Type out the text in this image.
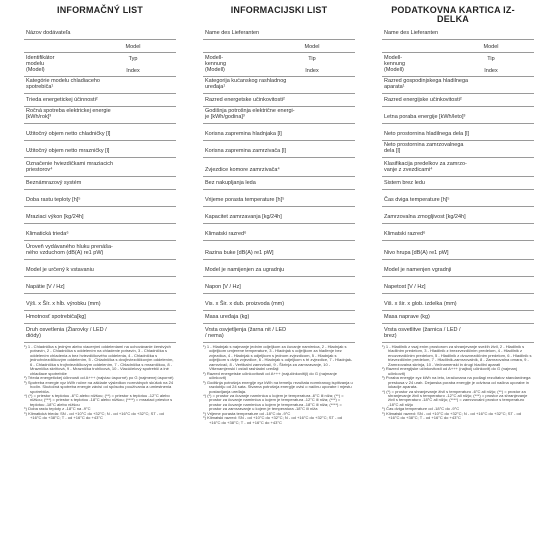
INFORMAČNÝ LIST
Názov dodávateľa
Model
Identifikátor
modelu
(Model)
Typ
Index
Kategórie modelu chladiaceho
spotrebiča¹
Trieda energetickej účinnosti²
Ročná spotreba elektrickej energie
[kWh/rok]³
Užitočný objem netto chladničky [l]
Užitočný objem netto mrazničky [l]
Označenie hviezdičkami mraziacich
priestorov⁴
Beznámrazový systém
Doba rastu teploty [h]⁵
Mraziaci výkon [kg/24h]
Klimatická trieda⁶
Úroveň vydávaného hluku prenáša-
ného vzduchom (dB(A) re1 pW)
Model je určený k vstavaniu
Napätie [V / Hz]
Výš. x Šír. x hĺb. výrobku (mm)
Hmotnosť spotrebiča[kg]
Druh osvetlenia (Žiarovky / LED /
diódy)

¹) 1 - Chladnička s jedným alebo viacerými oddeleniami na uchovávanie čerstvých potravín, 2 - Chladnička s oddelením na chladenie potravín, 3 - Chladnička s oddelením chladenia a bez hviezdičkového oddelenia, 4 - Chladnička s jednohviezdičkovým oddelením, 5 - Chladnička s dvojhviezdičkovým oddelením, 6 - Chladnička s trojhviezdičkovým oddelením, 7 - Chladnička s mrazničkou, 8 - Mraznička skriňová, 9 - Mraznička truhlicová, 10 - Viacúčelový spotrebič a iné chladiace spotrebiče

²) Trieda energetickej účinnosti od A+++ (najviac úsporné) po G (najmenej úsporné)

³) Spotreba energie xyz kWh ročne na základe výsledkov normálnych skúšok na 24 hodín. Skutočná spotreba energie závisí od spôsobu používania a umiestnenia spotrebiča.

⁴) (*) = priestor s teplotou -6°C alebo nižšou; (**) = priestor s teplotou -12°C alebo nižšou; (***) = priestor s teplotou -18°C alebo nižšou; (****) = mraziaci priestor s teplotou -18°C alebo nižšou

⁵) Doba rastu teploty z -18°C na -9°C

⁶) Klimatická trieda: SN - od +10°C do +32°C; N - od +16°C do +32°C; ST - od +16°C do +38°C; T - od +16°C do +43°C

INFORMACIJSKI LIST
Name des Lieferanten
Model
Modell-
kennung
(Modell)
Tip
Index
Kategorija kućanskog rashladnog
uređaja¹
Razred energetske učinkovitosti²
Godišnja potrošnja električne energi-
je [kWh/godina]³
Korisna zapremina hladnjaka [l]
Korisna zapremina zamrzivača [l]
Zvjezdice komore zamrzivača⁴
Bez nakupljanja leda
Vrijeme porasta temperature [h]⁵
Kapacitet zamrzavanja [kg/24h]
Klimatski razred⁶
Razina buke [dB(A) re1 pW]
Model je namijenjen za ugradnju
Napon [V / Hz]
Vis. x Šir. x dub. proizvoda (mm)
Masa uređaja (kg)
Vrsta osvjetljenja (žarna nit / LED
/ nema)

¹) 1 - Hladnjak s najmanje jednim odjeljkom za čuvanje namirnica, 2 - Hladnjak s odjeljkom umjerene temperature, 3 - Hladnjak s odjeljkom za hlađenje bez zvjezdica, 4 - Hladnjak s odjeljkom s jednom zvjezdicom, 5 - Hladnjak s odjeljkom s dvije zvjezdice, 6 - Hladnjak s odjeljkom s tri zvjezdice, 7 - Hladnjak-zamrzivač, 8 - Vertikalni zamrzivač, 9 - Škrinja za zamrzavanje, 10 - Višenamjenski i ostali rashladni uređaji

²) Razred energetske učinkovitosti od A+++ (najučinkovitiji) do G (najmanje učinkovit)

³) Godišnja potrošnja energije xyz kWh na temelju rezultata normiranog ispitivanja u razdoblju od 24 sata. Stvarna potrošnja energije ovisi o načinu uporabe i mjestu postavljanja uređaja.

⁴) (*) = prostor za čuvanje namirnica u kojem je temperatura -6°C ili niža; (**) = prostor za čuvanje namirnica u kojem je temperatura -12°C ili niža; (***) = prostor za čuvanje namirnica u kojem je temperatura -18°C ili niža; (****) = prostor za zamrzavanje u kojem je temperatura -18°C ili niža

⁵) Vrijeme porasta temperature od -18°C do -9°C

⁶) Klimatski razred: SN - od +10°C do +32°C; N - od +16°C do +32°C; ST - od +16°C do +38°C; T - od +16°C do +43°C

PODATKOVNA KARTICA IZ-
DELKA
Name des Lieferanten
Model
Modell-
kennung
(Modell)
Tip
Index
Razred gospodinjskega hladilnega
aparata¹
Razred energijske učinkovitosti²
Letna poraba energije [kWh/leto]³
Neto prostornina hladilnega dela [l]
Neto prostornina zamrzovalnega
dela [l]
Klasifikacija predelkov za zamrzo-
vanje z zvezdicami⁴
Sistem brez ledu
Čas dviga temperature [h]⁵
Zamrzovalna zmogljivost [kg/24h]
Klimatski razred⁶
Nivo hrupa [dB(A) re1 pW]
Model je namenjen vgradnji
Napetost [V / Hz]
Viš. x šir. x glob. izdelka (mm)
Masa naprave (kg)
Vrsta osvetlitve (žarnica / LED /
brez)

¹) 1 - Hladilnik z vsaj enim prostorom za shranjevanje svežih živil, 2 - Hladilnik s hladilnim predelom, 3 - Hladilnik z brezzvezdičnim predelom, 4 - Hladilnik z enozvezdičnim predelom, 5 - Hladilnik z dvozvezdičnim predelom, 6 - Hladilnik s trizvezdičnim predelom, 7 - Hladilnik-zamrzovalnik, 8 - Zamrzovalna omara, 9 - Zamrzovalna skrinja, 10 - Večnamenski in drugi hladilni aparati

²) Razred energijske učinkovitosti od A+++ (najbolj učinkovit) do G (najmanj učinkovit)

³) Poraba energije xyz kWh na leto, izračunana na podlagi rezultatov standardnega preskusa v 24 urah. Dejanska poraba energije je odvisna od načina uporabe in lokacije aparata.

⁴) (*) = prostor za shranjevanje živil s temperaturo -6°C ali nižjo; (**) = prostor za shranjevanje živil s temperaturo -12°C ali nižjo; (***) = prostor za shranjevanje živil s temperaturo -18°C ali nižjo; (****) = zamrzovalni prostor s temperaturo -18°C ali nižjo

⁵) Čas dviga temperature od -18°C do -9°C

⁶) Klimatski razred: SN - od +10°C do +32°C; N - od +16°C do +32°C; ST - od +16°C do +38°C; T - od +16°C do +43°C
